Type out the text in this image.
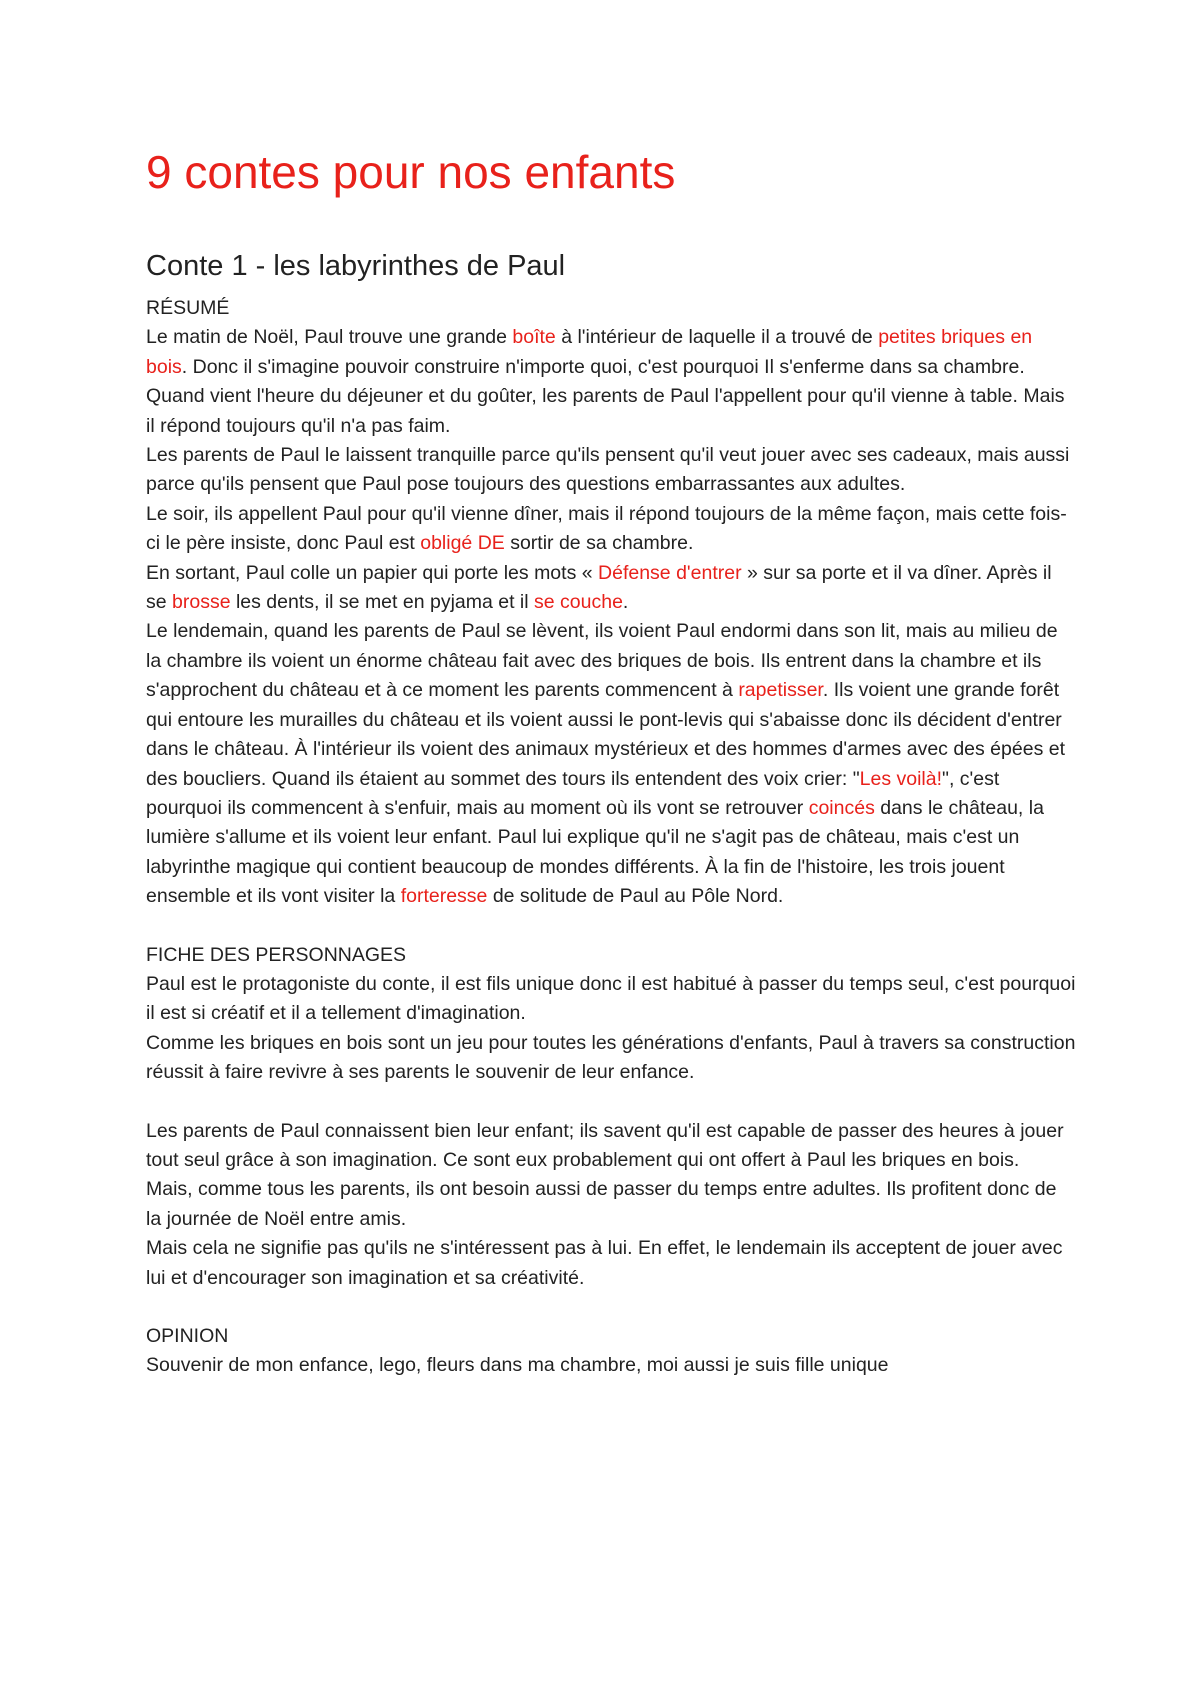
9 contes pour nos enfants
Conte 1 - les labyrinthes de Paul

RÉSUMÉ

Le matin de Noël, Paul trouve une grande boîte à l'intérieur de laquelle il a trouvé de petites briques en bois. Donc il s'imagine pouvoir construire n'importe quoi, c'est pourquoi Il s'enferme dans sa chambre. Quand vient l'heure du déjeuner et du goûter, les parents de Paul l'appellent pour qu'il vienne à table. Mais il répond toujours qu'il n'a pas faim.

Les parents de Paul le laissent tranquille parce qu'ils pensent qu'il veut jouer avec ses cadeaux, mais aussi parce qu'ils pensent que Paul pose toujours des questions embarrassantes aux adultes.

Le soir, ils appellent Paul pour qu'il vienne dîner, mais il répond toujours de la même façon, mais cette fois-ci le père insiste, donc Paul est obligé DE sortir de sa chambre.

En sortant, Paul colle un papier qui porte les mots « Défense d'entrer » sur sa porte et il va dîner. Après il se brosse les dents, il se met en pyjama et il se couche.

Le lendemain, quand les parents de Paul se lèvent, ils voient Paul endormi dans son lit, mais au milieu de la chambre ils voient un énorme château fait avec des briques de bois. Ils entrent dans la chambre et ils s'approchent du château et à ce moment les parents commencent à rapetisser. Ils voient une grande forêt qui entoure les murailles du château et ils voient aussi le pont-levis qui s'abaisse donc ils décident d'entrer dans le château. À l'intérieur ils voient des animaux mystérieux et des hommes d'armes avec des épées et des boucliers. Quand ils étaient au sommet des tours ils entendent des voix crier: "Les voilà!", c'est pourquoi ils commencent à s'enfuir, mais au moment où ils vont se retrouver coincés dans le château, la lumière s'allume et ils voient leur enfant. Paul lui explique qu'il ne s'agit pas de château, mais c'est un labyrinthe magique qui contient beaucoup de mondes différents. À la fin de l'histoire, les trois jouent ensemble et ils vont visiter la forteresse de solitude de Paul au Pôle Nord.

FICHE DES PERSONNAGES

Paul est le protagoniste du conte, il est fils unique donc il est habitué à passer du temps seul, c'est pourquoi il est si créatif et il a tellement d'imagination.

Comme les briques en bois sont un jeu pour toutes les générations d'enfants, Paul à travers sa construction réussit à faire revivre à ses parents le souvenir de leur enfance.

Les parents de Paul connaissent bien leur enfant; ils savent qu'il est capable de passer des heures à jouer tout seul grâce à son imagination. Ce sont eux probablement qui ont offert à Paul les briques en bois.

Mais, comme tous les parents, ils ont besoin aussi de passer du temps entre adultes. Ils profitent donc de la journée de Noël entre amis.

Mais cela ne signifie pas qu'ils ne s'intéressent pas à lui. En effet, le lendemain ils acceptent de jouer avec lui et d'encourager son imagination et sa créativité.

OPINION

Souvenir de mon enfance, lego, fleurs dans ma chambre, moi aussi je suis fille unique
